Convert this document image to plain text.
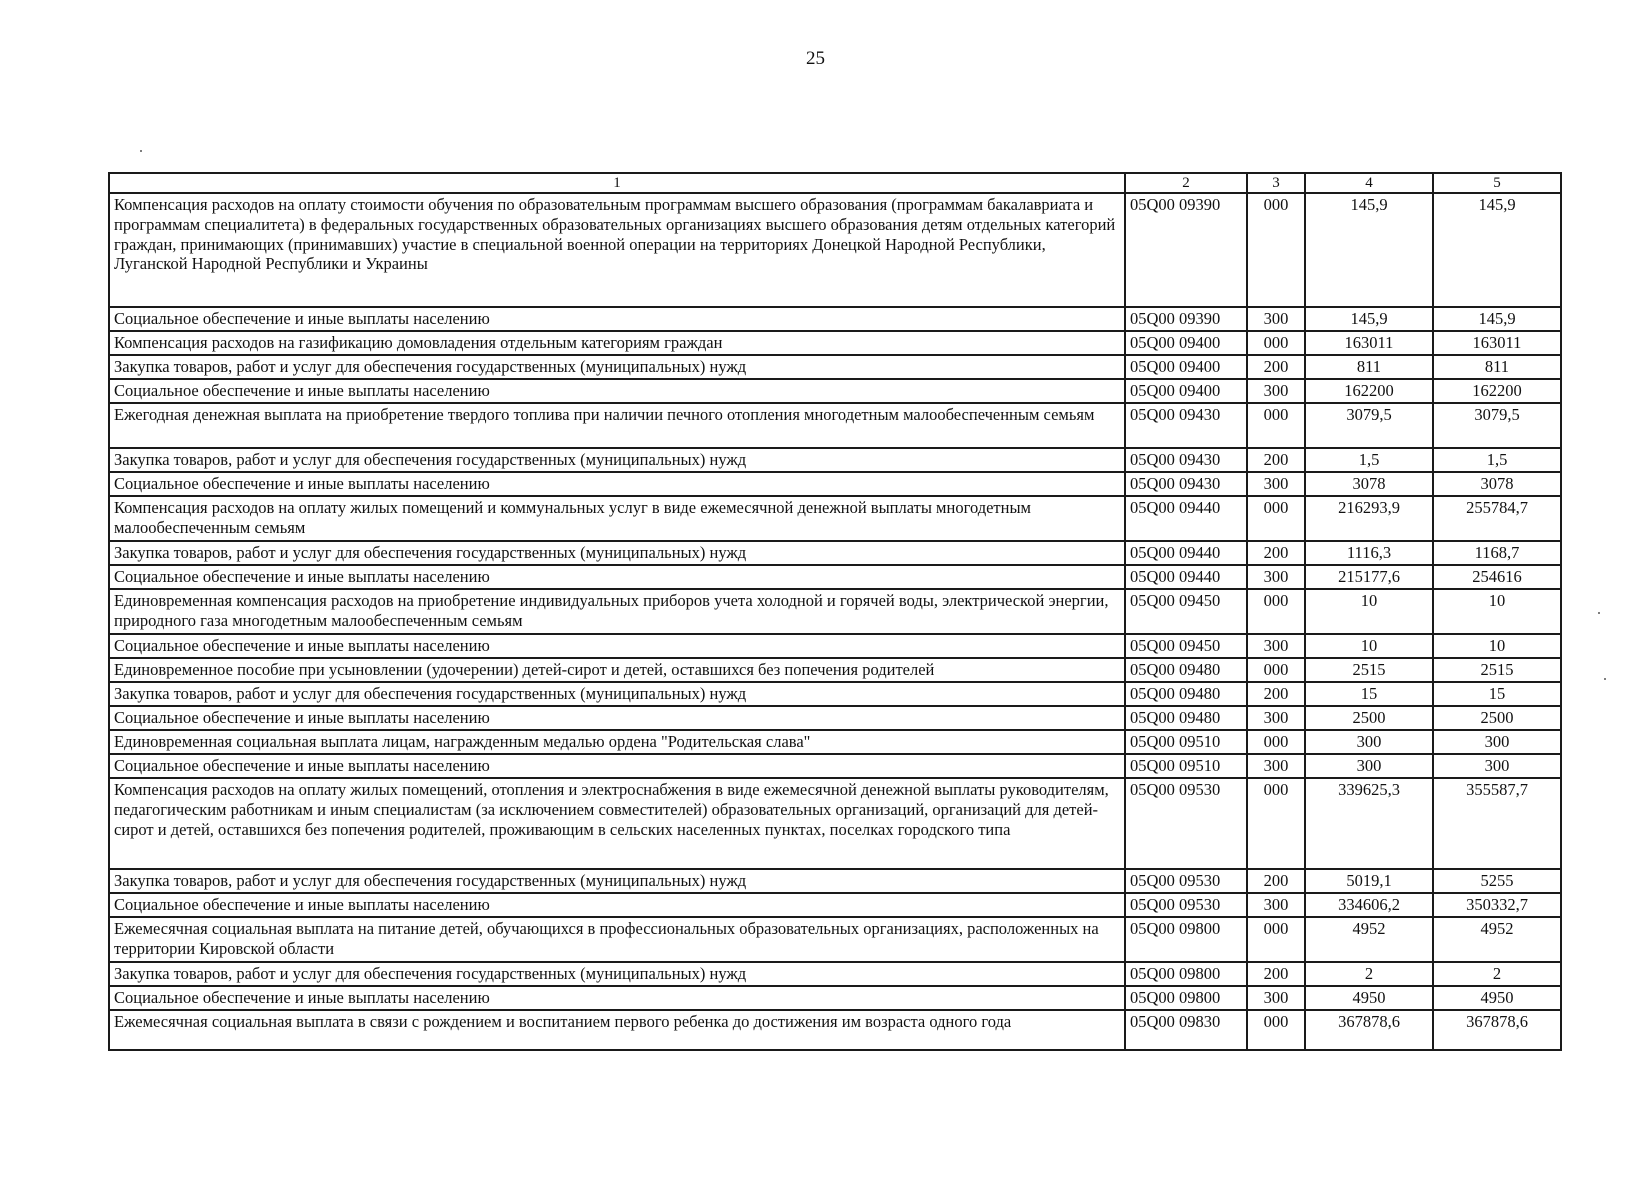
25
1	2	3	4	5
Компенсация расходов на оплату стоимости обучения по образовательным программам высшего образования (программам бакалавриата и программам специалитета) в федеральных государственных образовательных организациях высшего образования детям отдельных категорий граждан, принимающих (принимавших) участие в специальной военной операции на территориях Донецкой Народной Республики, Луганской Народной Республики и Украины	05Q00 09390	000	145,9	145,9
Социальное обеспечение и иные выплаты населению	05Q00 09390	300	145,9	145,9
Компенсация расходов на газификацию домовладения отдельным категориям граждан	05Q00 09400	000	163011	163011
Закупка товаров, работ и услуг для обеспечения государственных (муниципальных) нужд	05Q00 09400	200	811	811
Социальное обеспечение и иные выплаты населению	05Q00 09400	300	162200	162200
Ежегодная денежная выплата на приобретение твердого топлива при наличии печного отопления многодетным малообеспеченным семьям	05Q00 09430	000	3079,5	3079,5
Закупка товаров, работ и услуг для обеспечения государственных (муниципальных) нужд	05Q00 09430	200	1,5	1,5
Социальное обеспечение и иные выплаты населению	05Q00 09430	300	3078	3078
Компенсация расходов на оплату жилых помещений и коммунальных услуг в виде ежемесячной денежной выплаты многодетным малообеспеченным семьям	05Q00 09440	000	216293,9	255784,7
Закупка товаров, работ и услуг для обеспечения государственных (муниципальных) нужд	05Q00 09440	200	1116,3	1168,7
Социальное обеспечение и иные выплаты населению	05Q00 09440	300	215177,6	254616
Единовременная компенсация расходов на приобретение индивидуальных приборов учета холодной и горячей воды, электрической энергии, природного газа многодетным малообеспеченным семьям	05Q00 09450	000	10	10
Социальное обеспечение и иные выплаты населению	05Q00 09450	300	10	10
Единовременное пособие при усыновлении (удочерении) детей-сирот и детей, оставшихся без попечения родителей	05Q00 09480	000	2515	2515
Закупка товаров, работ и услуг для обеспечения государственных (муниципальных) нужд	05Q00 09480	200	15	15
Социальное обеспечение и иные выплаты населению	05Q00 09480	300	2500	2500
Единовременная социальная выплата лицам, награжденным медалью ордена "Родительская слава"	05Q00 09510	000	300	300
Социальное обеспечение и иные выплаты населению	05Q00 09510	300	300	300
Компенсация расходов на оплату жилых помещений, отопления и электроснабжения в виде ежемесячной денежной выплаты руководителям, педагогическим работникам и иным специалистам (за исключением совместителей) образовательных организаций, организаций для детей-сирот и детей, оставшихся без попечения родителей, проживающим в сельских населенных пунктах, поселках городского типа	05Q00 09530	000	339625,3	355587,7
Закупка товаров, работ и услуг для обеспечения государственных (муниципальных) нужд	05Q00 09530	200	5019,1	5255
Социальное обеспечение и иные выплаты населению	05Q00 09530	300	334606,2	350332,7
Ежемесячная социальная выплата на питание детей, обучающихся в профессиональных образовательных организациях, расположенных на территории Кировской области	05Q00 09800	000	4952	4952
Закупка товаров, работ и услуг для обеспечения государственных (муниципальных) нужд	05Q00 09800	200	2	2
Социальное обеспечение и иные выплаты населению	05Q00 09800	300	4950	4950
Ежемесячная социальная выплата в связи с рождением и воспитанием первого ребенка до достижения им возраста одного года	05Q00 09830	000	367878,6	367878,6
